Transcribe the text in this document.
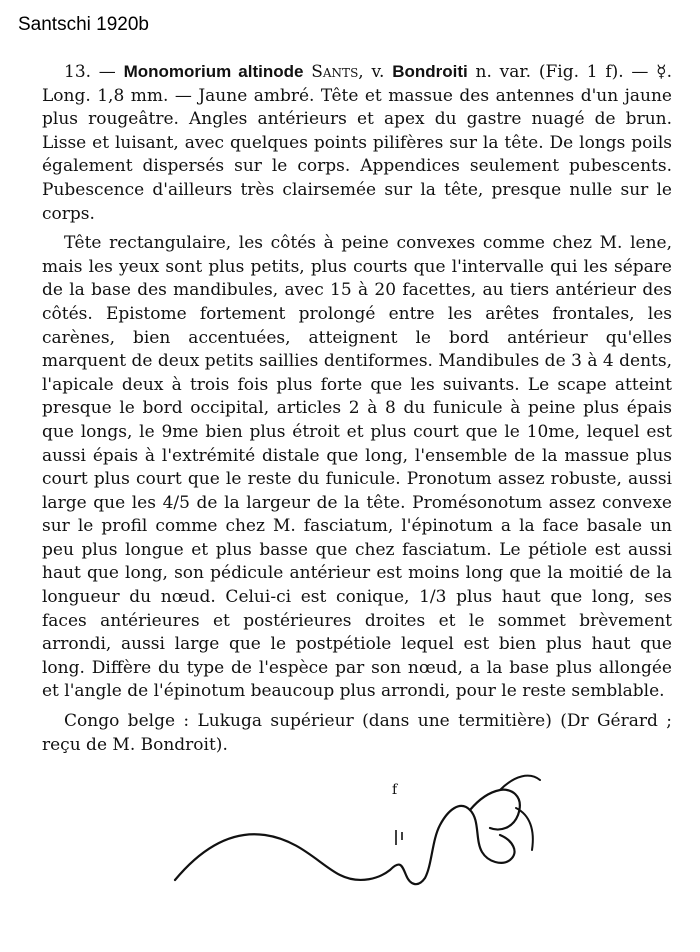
Santschi 1920b

13. — Monomorium altinode Sants, v. Bondroiti n. var. (Fig. 1 f). — ☿. Long. 1,8 mm. — Jaune ambré. Tête et massue des antennes d'un jaune plus rougeâtre. Angles antérieurs et apex du gastre nuagé de brun. Lisse et luisant, avec quelques points pilifères sur la tête. De longs poils également dispersés sur le corps. Appendices seulement pubescents. Pubescence d'ailleurs très clairsemée sur la tête, presque nulle sur le corps.

Tête rectangulaire, les côtés à peine convexes comme chez M. lene, mais les yeux sont plus petits, plus courts que l'intervalle qui les sépare de la base des mandibules, avec 15 à 20 facettes, au tiers antérieur des côtés. Epistome fortement prolongé entre les arêtes frontales, les carènes, bien accentuées, atteignent le bord antérieur qu'elles marquent de deux petits saillies dentiformes. Mandibules de 3 à 4 dents, l'apicale deux à trois fois plus forte que les suivants. Le scape atteint presque le bord occipital, articles 2 à 8 du funicule à peine plus épais que longs, le 9me bien plus étroit et plus court que le 10me, lequel est aussi épais à l'extrémité distale que long, l'ensemble de la massue plus court plus court que le reste du funicule. Pronotum assez robuste, aussi large que les 4/5 de la largeur de la tête. Promésonotum assez convexe sur le profil comme chez M. fasciatum, l'épinotum a la face basale un peu plus longue et plus basse que chez fasciatum. Le pétiole est aussi haut que long, son pédicule antérieur est moins long que la moitié de la longueur du nœud. Celui-ci est conique, 1/3 plus haut que long, ses faces antérieures et postérieures droites et le sommet brèvement arrondi, aussi large que le postpétiole lequel est bien plus haut que long. Diffère du type de l'espèce par son nœud, a la base plus allongée et l'angle de l'épinotum beaucoup plus arrondi, pour le reste semblable.

Congo belge : Lukuga supérieur (dans une termitière) (Dr Gérard ; reçu de M. Bondroit).

f
